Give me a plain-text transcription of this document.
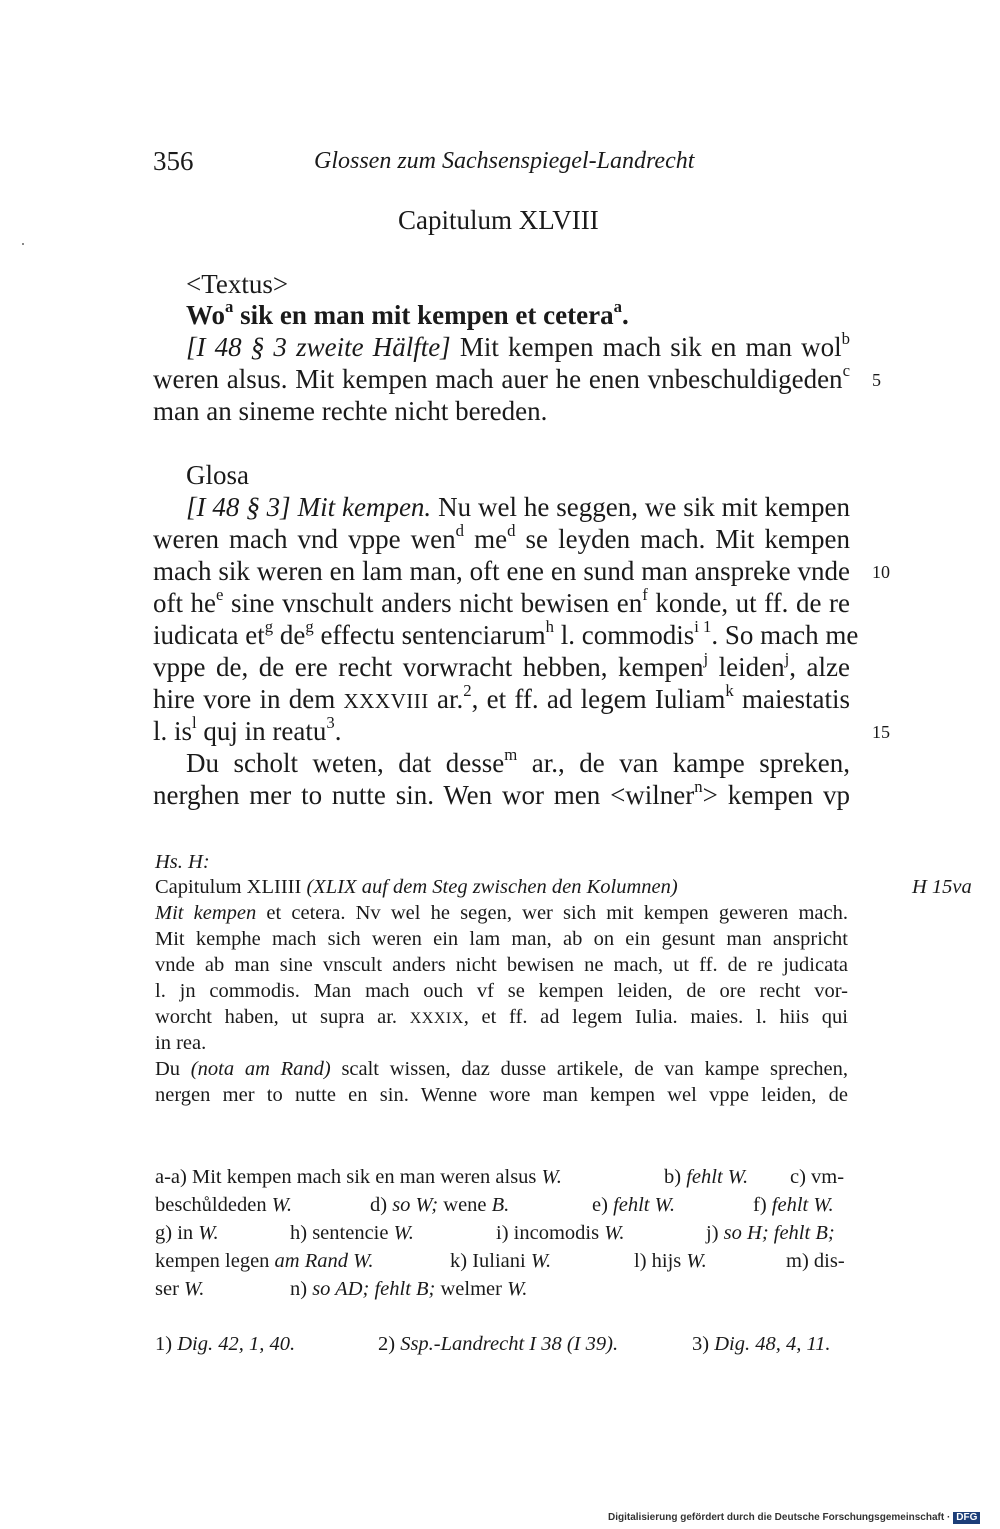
356	Glossen zum Sachsenspiegel-Landrecht
Capitulum XLVIII
<Textus>
$Wo^a$ sik en man mit kempen et cetera$^a$.
[I 48 § 3 zweite Hälfte] Mit kempen mach sik en man wol$^b$
weren alsus. Mit kempen mach auer he enen vnbeschuldigeden$^c$ 5
man an sineme rechte nicht bereden.
Glosa
[I 48 § 3] Mit kempen. Nu wel he seggen, we sik mit kempen
weren mach vnd vppe wen$^d$ $me^d$ se leyden mach. Mit kempen
mach sik weren en lam man, oft ene en sund man anspreke vnde 10
oft $he^e$ sine vnschult anders nicht bewisen $en^f$ konde, ut ff. de re
iudicata $et^g$ $de^g$ effectu sentenciarum$^h$ l. commodis$^{i 1}$. So mach me
vppe de, de ere recht vorwracht hebben, kempen$^j$ leiden$^j$, alze
hire vore in dem XXXVIII ar.$^2$, et ff. ad legem Iuliam$^k$ maiestatis
l. $is^l$ quj in reatu$^3$.	15
Du scholt weten, dat desse$^m$ ar., de van kampe spreken,
nerghen mer to nutte sin. Wen wor men <wilner$^n$> kempen vp
Hs. H:
Capitulum XLIIII (XLIX auf dem Steg zwischen den Kolumnen)	H 15va
Mit kempen et cetera. Nv wel he segen, wer sich mit kempen geweren mach.
Mit kemphe mach sich weren ein lam man, ab on ein gesunt man anspricht
vnde ab man sine vnscult anders nicht bewisen ne mach, ut ff. de re judicata
l. jn commodis. Man mach ouch vf se kempen leiden, de ore recht vor-
worcht haben, ut supra ar. XXXIX, et ff. ad legem Iulia. maies. l. hiis qui
in rea.
Du (nota am Rand) scalt wissen, daz dusse artikele, de van kampe sprechen,
nergen mer to nutte en sin. Wenne wore man kempen wel vppe leiden, de
a-a) Mit kempen mach sik en man weren alsus W.	b) fehlt W. c) vm-
beschůldeden W.	d) so W; wene B.	e) fehlt W.	f) fehlt W.
g) in W.	h) sentencie W.	i) incomodis W.	j) so H; fehlt B;
kempen legen am Rand W.	k) Iuliani W.	l) hijs W.	m) dis-
ser W.	n) so AD; fehlt B; welmer W.
1) Dig. 42, 1, 40.	2) Ssp.-Landrecht I 38 (I 39).	3) Dig. 48, 4, 11.
Digitalisierung gefördert durch die Deutsche Forschungsgemeinschaft · DFG
